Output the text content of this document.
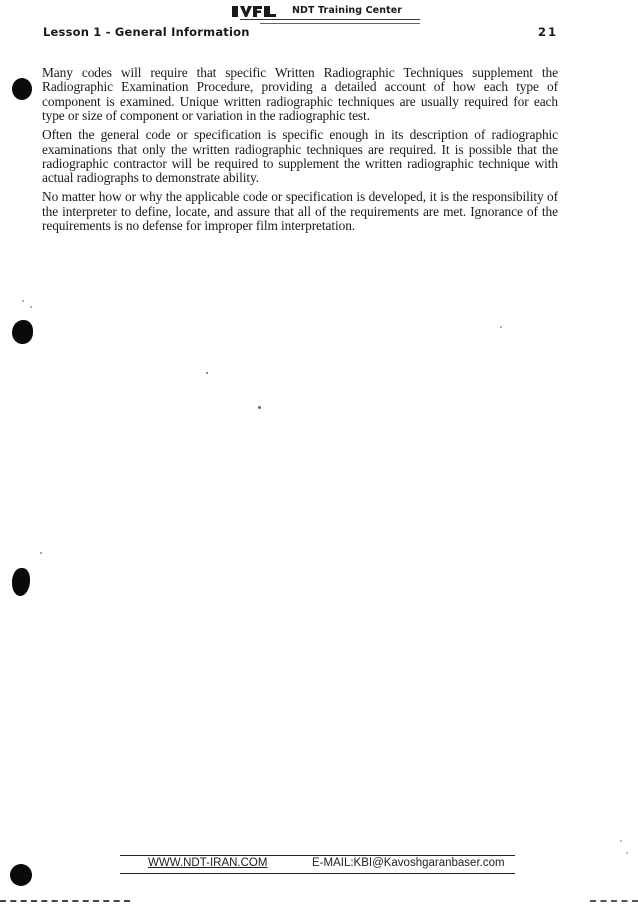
NDT Training Center
Lesson 1 - General Information	21

Many codes will require that specific Written Radiographic Techniques supplement the Radiographic Examination Procedure, providing a detailed account of how each type of component is examined. Unique written radiographic techniques are usually required for each type or size of component or variation in the radiographic test.

Often the general code or specification is specific enough in its description of radiographic examinations that only the written radiographic techniques are required. It is possible that the radiographic contractor will be required to supplement the written radiographic technique with actual radiographs to demonstrate ability.

No matter how or why the applicable code or specification is developed, it is the responsibility of the interpreter to define, locate, and assure that all of the requirements are met. Ignorance of the requirements is no defense for improper film interpretation.

WWW.NDT-IRAN.COM	E-MAIL:KBI@Kavoshgaranbaser.com
